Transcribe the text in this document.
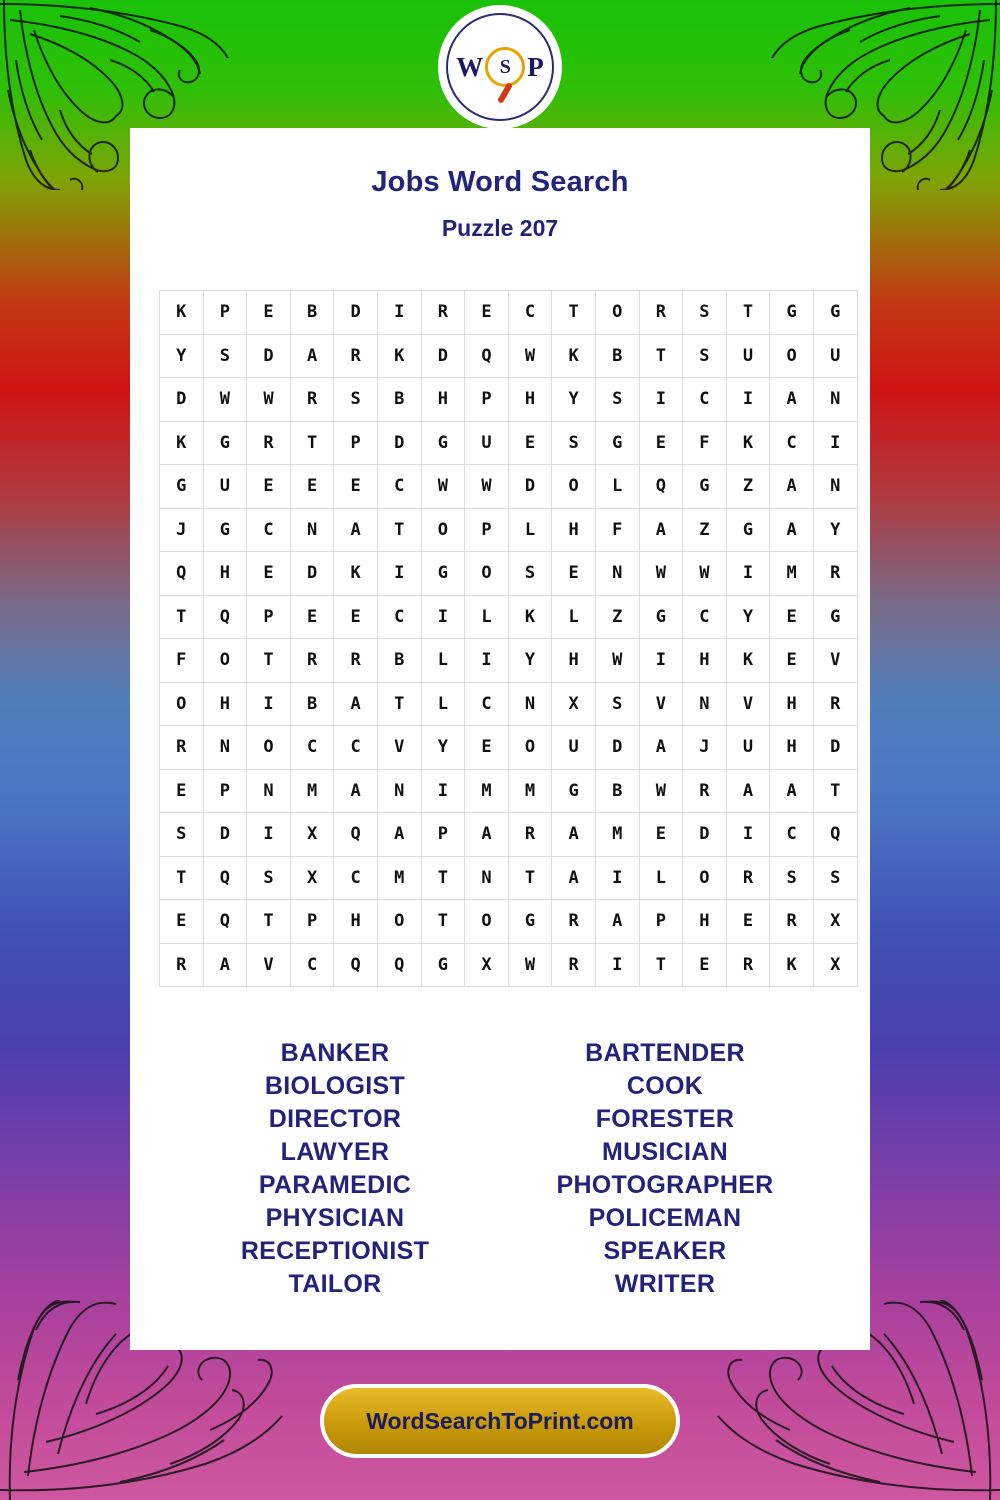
W S P
Jobs Word Search
Puzzle 207
K	P	E	B	D	I	R	E	C	T	O	R	S	T	G	G
Y	S	D	A	R	K	D	Q	W	K	B	T	S	U	O	U
D	W	W	R	S	B	H	P	H	Y	S	I	C	I	A	N
K	G	R	T	P	D	G	U	E	S	G	E	F	K	C	I
G	U	E	E	E	C	W	W	D	O	L	Q	G	Z	A	N
J	G	C	N	A	T	O	P	L	H	F	A	Z	G	A	Y
Q	H	E	D	K	I	G	O	S	E	N	W	W	I	M	R
T	Q	P	E	E	C	I	L	K	L	Z	G	C	Y	E	G
F	O	T	R	R	B	L	I	Y	H	W	I	H	K	E	V
O	H	I	B	A	T	L	C	N	X	S	V	N	V	H	R
R	N	O	C	C	V	Y	E	O	U	D	A	J	U	H	D
E	P	N	M	A	N	I	M	M	G	B	W	R	A	A	T
S	D	I	X	Q	A	P	A	R	A	M	E	D	I	C	Q
T	Q	S	X	C	M	T	N	T	A	I	L	O	R	S	S
E	Q	T	P	H	O	T	O	G	R	A	P	H	E	R	X
R	A	V	C	Q	Q	G	X	W	R	I	T	E	R	K	X
BANKER
BIOLOGIST
DIRECTOR
LAWYER
PARAMEDIC
PHYSICIAN
RECEPTIONIST
TAILOR
BARTENDER
COOK
FORESTER
MUSICIAN
PHOTOGRAPHER
POLICEMAN
SPEAKER
WRITER
WordSearchToPrint.com
